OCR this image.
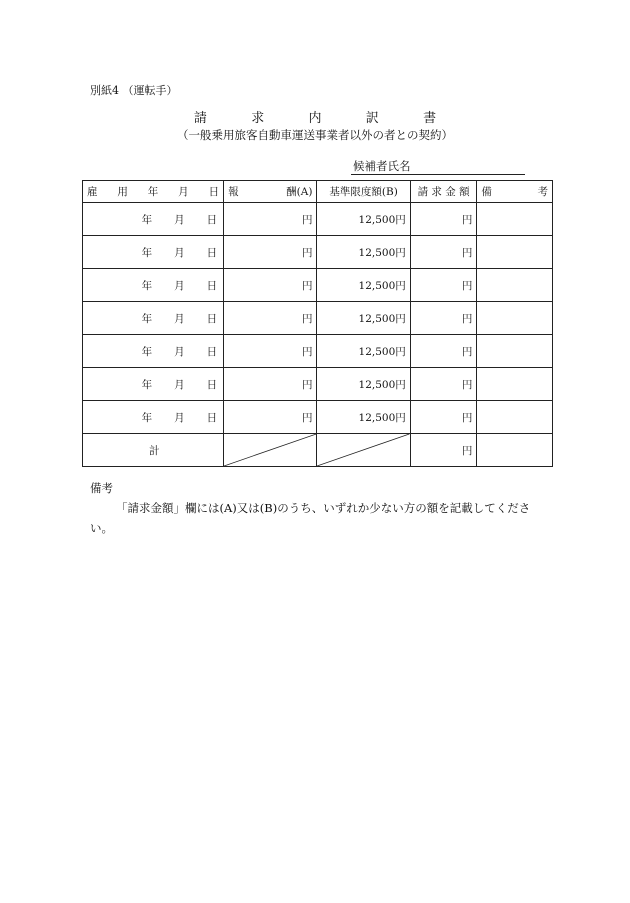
別紙4 （運転手）
請	求	内	訳	書
（一般乗用旅客自動車運送事業者以外の者との契約）
候補者氏名
雇 用 年 月 日	報 酬(A)	基準限度額(B)	請 求 金 額	備 考

年 月 日	円	12,500円	円	

年 月 日	円	12,500円	円	

年 月 日	円	12,500円	円	

年 月 日	円	12,500円	円	

年 月 日	円	12,500円	円	

年 月 日	円	12,500円	円	

年 月 日	円	12,500円	円	
計			円	
備考
「請求金額」欄には(A)又は(B)のうち、いずれか少ない方の額を記載してください。
